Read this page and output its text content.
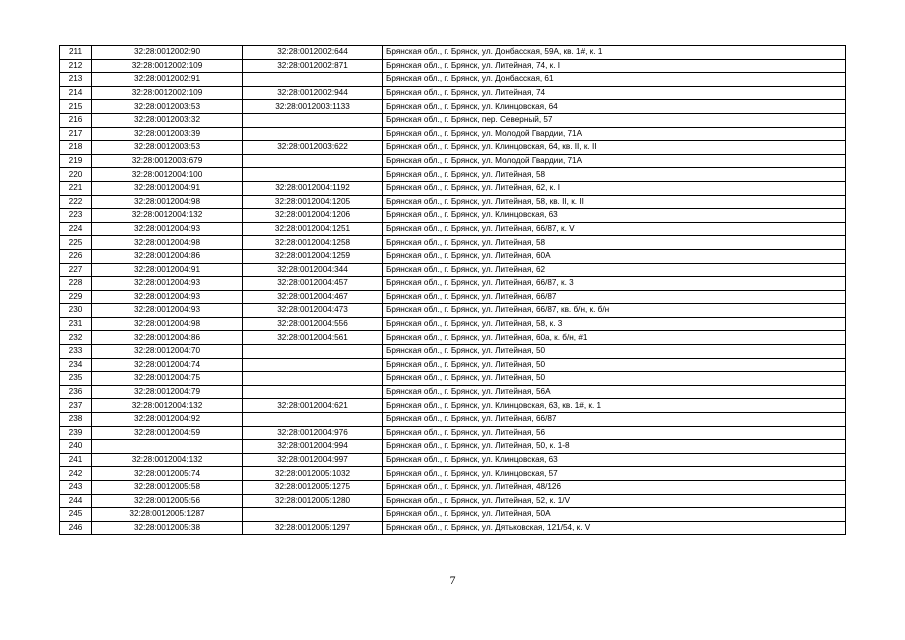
211	32:28:0012002:90	32:28:0012002:644	Брянская обл., г. Брянск, ул. Донбасская, 59А, кв. 1#, к. 1
212	32:28:0012002:109	32:28:0012002:871	Брянская обл., г. Брянск, ул. Литейная, 74, к. I
213	32:28:0012002:91		Брянская обл., г. Брянск, ул. Донбасская, 61
214	32:28:0012002:109	32:28:0012002:944	Брянская обл., г. Брянск, ул. Литейная, 74
215	32:28:0012003:53	32:28:0012003:1133	Брянская обл., г. Брянск, ул. Клинцовская, 64
216	32:28:0012003:32		Брянская обл., г. Брянск, пер. Северный, 57
217	32:28:0012003:39		Брянская обл., г. Брянск, ул. Молодой Гвардии, 71А
218	32:28:0012003:53	32:28:0012003:622	Брянская обл., г. Брянск, ул. Клинцовская, 64, кв. II, к. II
219	32:28:0012003:679		Брянская обл., г. Брянск, ул. Молодой Гвардии, 71А
220	32:28:0012004:100		Брянская обл., г. Брянск, ул. Литейная, 58
221	32:28:0012004:91	32:28:0012004:1192	Брянская обл., г. Брянск, ул. Литейная, 62, к. I
222	32:28:0012004:98	32:28:0012004:1205	Брянская обл., г. Брянск, ул. Литейная, 58, кв. II, к. II
223	32:28:0012004:132	32:28:0012004:1206	Брянская обл., г. Брянск, ул. Клинцовская, 63
224	32:28:0012004:93	32:28:0012004:1251	Брянская обл., г. Брянск, ул. Литейная, 66/87, к. V
225	32:28:0012004:98	32:28:0012004:1258	Брянская обл., г. Брянск, ул. Литейная, 58
226	32:28:0012004:86	32:28:0012004:1259	Брянская обл., г. Брянск, ул. Литейная, 60А
227	32:28:0012004:91	32:28:0012004:344	Брянская обл., г. Брянск, ул. Литейная, 62
228	32:28:0012004:93	32:28:0012004:457	Брянская обл., г. Брянск, ул. Литейная, 66/87, к. 3
229	32:28:0012004:93	32:28:0012004:467	Брянская обл., г. Брянск, ул. Литейная, 66/87
230	32:28:0012004:93	32:28:0012004:473	Брянская обл., г. Брянск, ул. Литейная, 66/87, кв. б/н, к. б/н
231	32:28:0012004:98	32:28:0012004:556	Брянская обл., г. Брянск, ул. Литейная, 58, к. 3
232	32:28:0012004:86	32:28:0012004:561	Брянская обл., г. Брянск, ул. Литейная, 60а, к. б/н, #1
233	32:28:0012004:70		Брянская обл., г. Брянск, ул. Литейная, 50
234	32:28:0012004:74		Брянская обл., г. Брянск, ул. Литейная, 50
235	32:28:0012004:75		Брянская обл., г. Брянск, ул. Литейная, 50
236	32:28:0012004:79		Брянская обл., г. Брянск, ул. Литейная, 56А
237	32:28:0012004:132	32:28:0012004:621	Брянская обл., г. Брянск, ул. Клинцовская, 63, кв. 1#, к. 1
238	32:28:0012004:92		Брянская обл., г. Брянск, ул. Литейная, 66/87
239	32:28:0012004:59	32:28:0012004:976	Брянская обл., г. Брянск, ул. Литейная, 56
240		32:28:0012004:994	Брянская обл., г. Брянск, ул. Литейная, 50, к. 1-8
241	32:28:0012004:132	32:28:0012004:997	Брянская обл., г. Брянск, ул. Клинцовская, 63
242	32:28:0012005:74	32:28:0012005:1032	Брянская обл., г. Брянск, ул. Клинцовская, 57
243	32:28:0012005:58	32:28:0012005:1275	Брянская обл., г. Брянск, ул. Литейная, 48/126
244	32:28:0012005:56	32:28:0012005:1280	Брянская обл., г. Брянск, ул. Литейная, 52, к. 1/V
245	32:28:0012005:1287		Брянская обл., г. Брянск, ул. Литейная, 50А
246	32:28:0012005:38	32:28:0012005:1297	Брянская обл., г. Брянск, ул. Дятьковская, 121/54, к. V
7
